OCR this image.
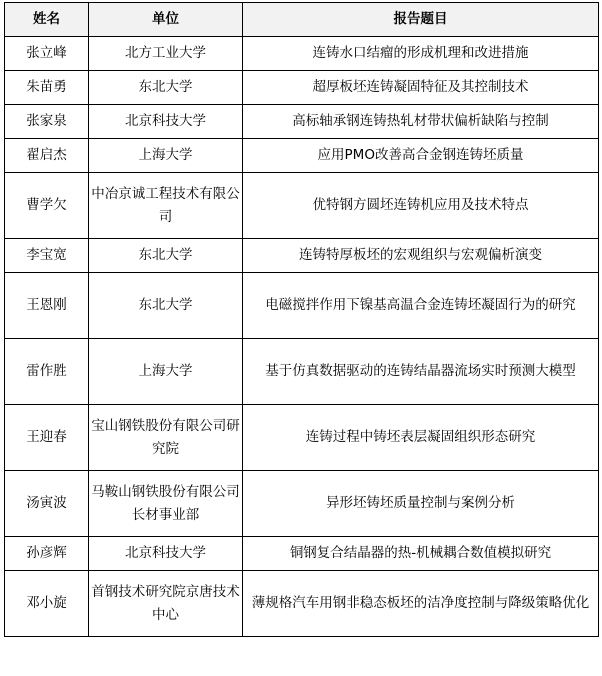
姓名	单位	报告题目
张立峰	北方工业大学	连铸水口结瘤的形成机理和改进措施
朱苗勇	东北大学	超厚板坯连铸凝固特征及其控制技术
张家泉	北京科技大学	高标轴承钢连铸热轧材带状偏析缺陷与控制
翟启杰	上海大学	应用PMO改善高合金钢连铸坯质量
曹学欠	中冶京诚工程技术有限公司	优特钢方圆坯连铸机应用及技术特点
李宝宽	东北大学	连铸特厚板坯的宏观组织与宏观偏析演变
王恩刚	东北大学	电磁搅拌作用下镍基高温合金连铸坯凝固行为的研究
雷作胜	上海大学	基于仿真数据驱动的连铸结晶器流场实时预测大模型
王迎春	宝山钢铁股份有限公司研究院	连铸过程中铸坯表层凝固组织形态研究
汤寅波	马鞍山钢铁股份有限公司长材事业部	异形坯铸坯质量控制与案例分析
孙彦辉	北京科技大学	铜钢复合结晶器的热-机械耦合数值模拟研究
邓小旋	首钢技术研究院京唐技术中心	薄规格汽车用钢非稳态板坯的洁净度控制与降级策略优化
